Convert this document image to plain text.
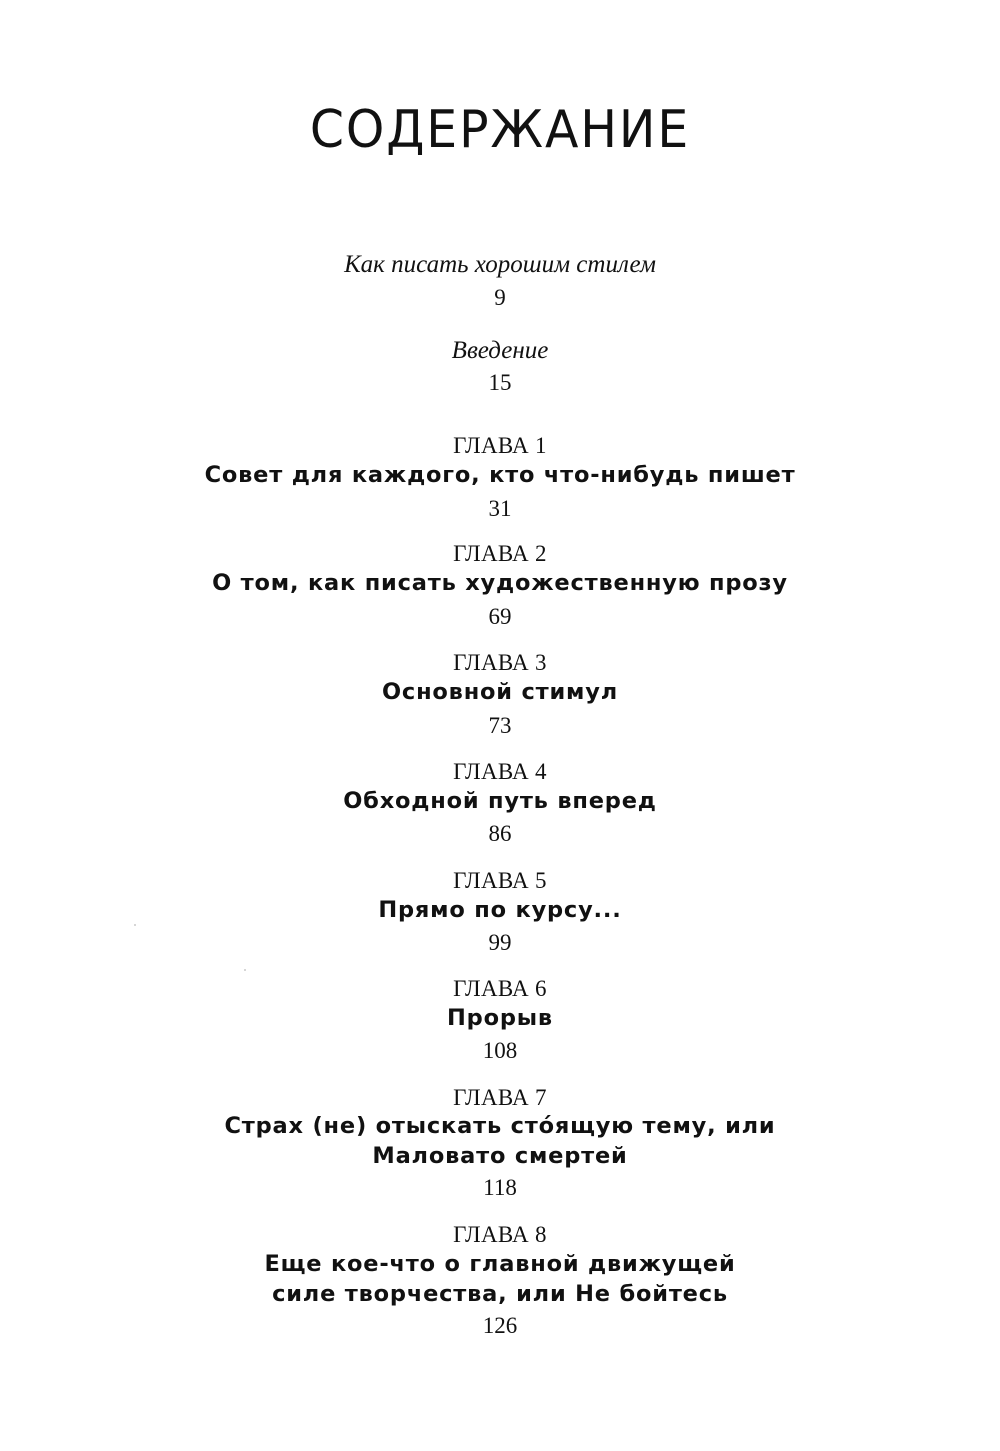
СОДЕРЖАНИЕ
Как писать хорошим стилем
9
Введение
15
ГЛАВА 1
Совет для каждого, кто что-нибудь пишет
31
ГЛАВА 2
О том, как писать художественную прозу
69
ГЛАВА 3
Основной стимул
73
ГЛАВА 4
Обходной путь вперед
86
ГЛАВА 5
Прямо по курсу...
99
ГЛАВА 6
Прорыв
108
ГЛАВА 7
Страх (не) отыскать сто́ящую тему, или
Маловато смертей
118
ГЛАВА 8
Еще кое-что о главной движущей
силе творчества, или Не бойтесь
126
